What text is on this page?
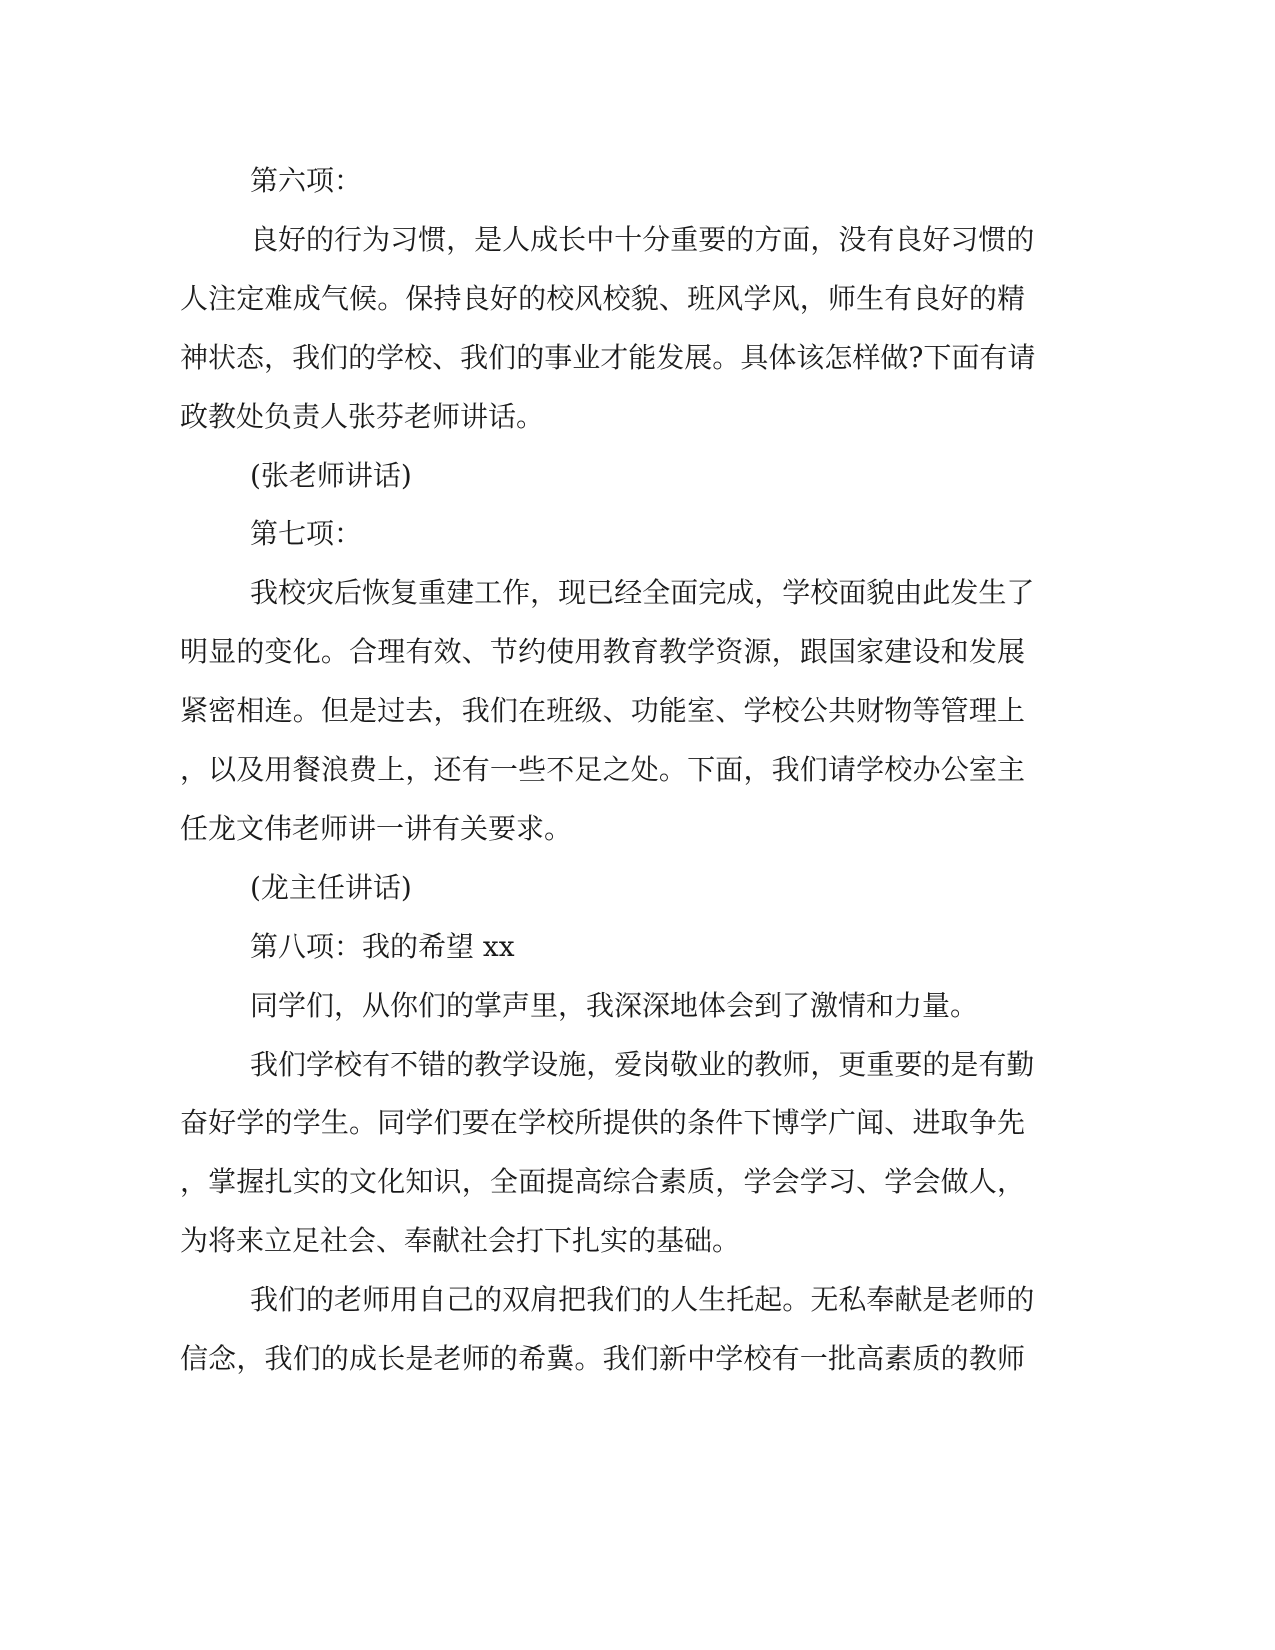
第六项：

良 好 的 行 为 习 惯 ， 是 人 成 长 中 十 分 重 要 的 方 面 ， 没 有 良 好 习 惯 的

人 注 定 难 成 气 候 。 保 持 良 好 的 校 风 校 貌 、 班 风 学 风 ， 师 生 有 良 好 的 精

神 状 态 ， 我 们 的 学 校 、 我 们 的 事 业 才 能 发 展 。 具 体 该 怎 样 做 ? 下 面 有 请

政教处负责人张芬老师讲话。

(张老师讲话)

第七项：

我 校 灾 后 恢 复 重 建 工 作 ， 现 已 经 全 面 完 成 ， 学 校 面 貌 由 此 发 生 了

明 显 的 变 化 。 合 理 有 效 、 节 约 使 用 教 育 教 学 资 源 ， 跟 国 家 建 设 和 发 展

紧 密 相 连 。 但 是 过 去 ， 我 们 在 班 级 、 功 能 室 、 学 校 公 共 财 物 等 管 理 上

， 以 及 用 餐 浪 费 上 ， 还 有 一 些 不 足 之 处 。 下 面 ， 我 们 请 学 校 办 公 室 主

任龙文伟老师讲一讲有关要求。

(龙主任讲话)

第八项：我的希望 xx

同学们，从你们的掌声里，我深深地体会到了激情和力量。

我 们 学 校 有 不 错 的 教 学 设 施 ， 爱 岗 敬 业 的 教 师 ， 更 重 要 的 是 有 勤

奋 好 学 的 学 生 。 同 学 们 要 在 学 校 所 提 供 的 条 件 下 博 学 广 闻 、 进 取 争 先

， 掌 握 扎 实 的 文 化 知 识 ， 全 面 提 高 综 合 素 质 ， 学 会 学 习 、 学 会 做 人 ，

为将来立足社会、奉献社会打下扎实的基础。

我 们 的 老 师 用 自 己 的 双 肩 把 我 们 的 人 生 托 起 。 无 私 奉 献 是 老 师 的

信 念 ， 我 们 的 成 长 是 老 师 的 希 冀 。 我 们 新 中 学 校 有 一 批 高 素 质 的 教 师
